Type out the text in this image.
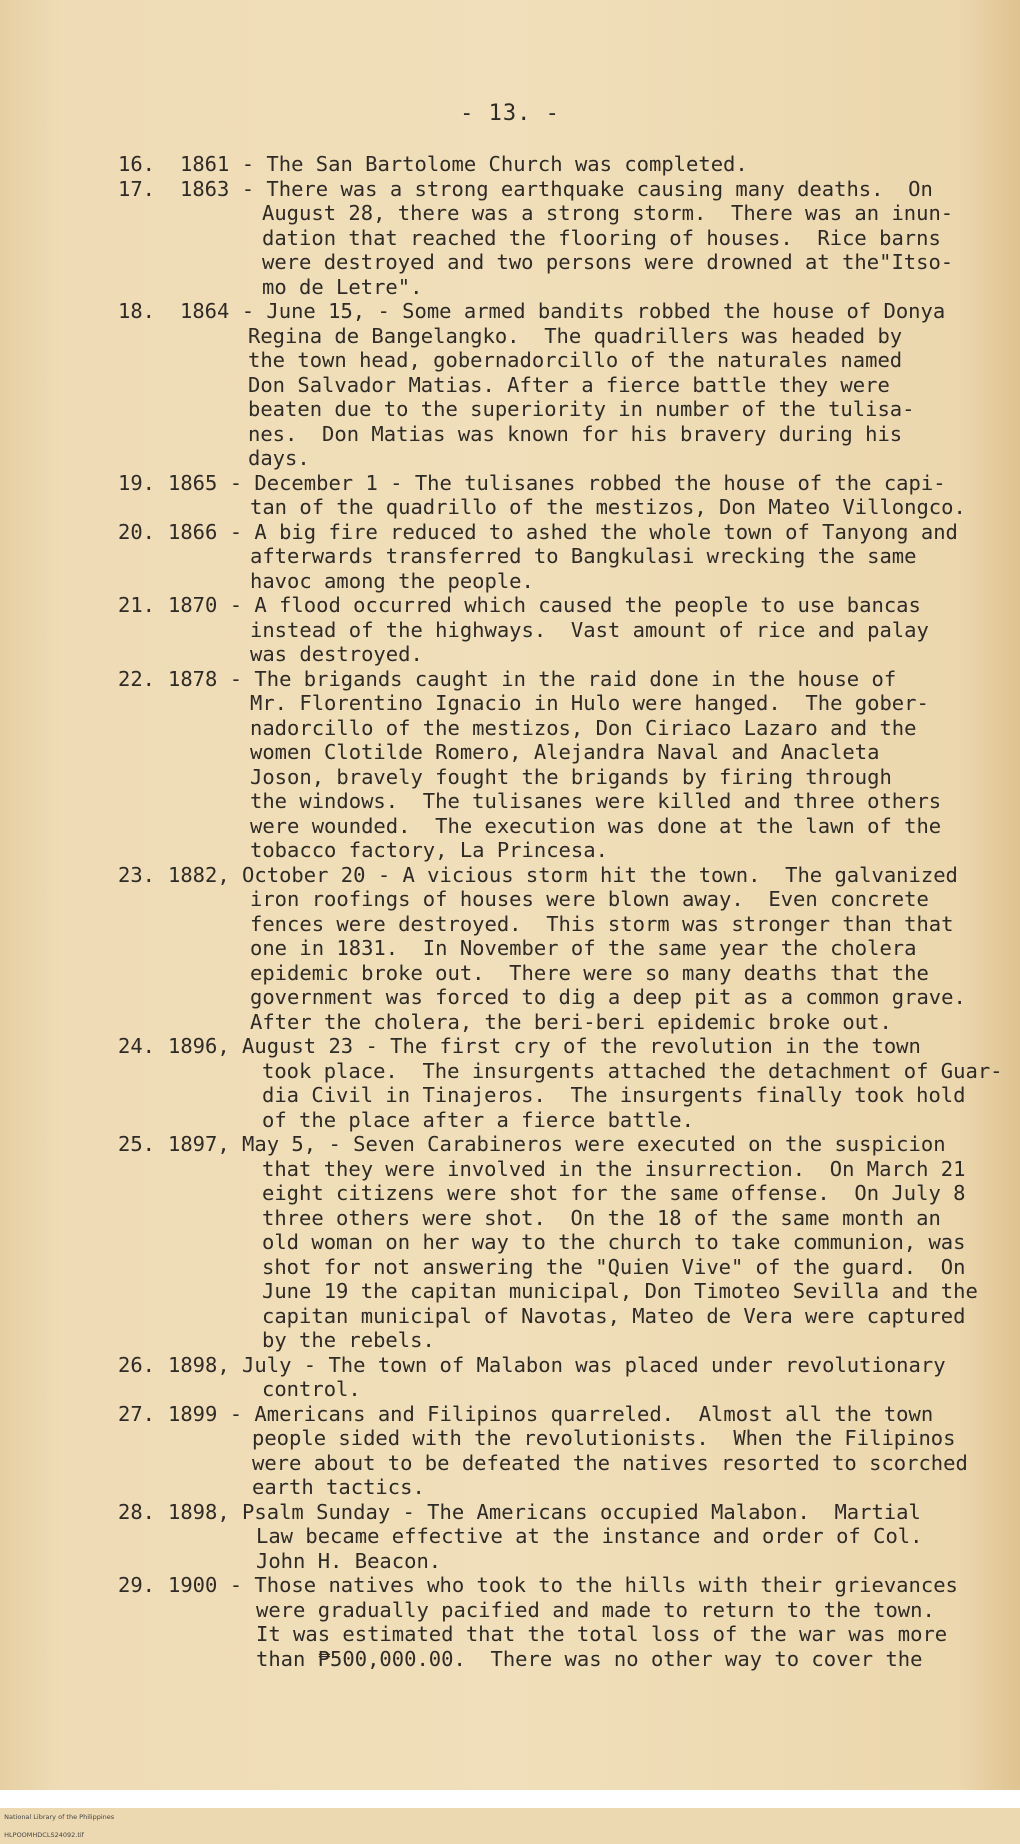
- 13. -
16.	1861 - The San Bartolome Church was completed.
17.	1863 - There was a strong earthquake causing many deaths.  On
August 28, there was a strong storm.  There was an inun-
dation that reached the flooring of houses.  Rice barns
were destroyed and two persons were drowned at the"Itso-
mo de Letre".
18.	1864 - June 15, - Some armed bandits robbed the house of Donya
Regina de Bangelangko.  The quadrillers was headed by
the town head, gobernadorcillo of the naturales named
Don Salvador Matias. After a fierce battle they were
beaten due to the superiority in number of the tulisa-
nes.  Don Matias was known for his bravery during his
days.
19. 1865 - December 1 - The tulisanes robbed the house of the capi-
tan of the quadrillo of the mestizos, Don Mateo Villongco.
20. 1866 - A big fire reduced to ashed the whole town of Tanyong and
afterwards transferred to Bangkulasi wrecking the same
havoc among the people.
21. 1870 - A flood occurred which caused the people to use bancas
instead of the highways.  Vast amount of rice and palay
was destroyed.
22. 1878 - The brigands caught in the raid done in the house of
Mr. Florentino Ignacio in Hulo were hanged.  The gober-
nadorcillo of the mestizos, Don Ciriaco Lazaro and the
women Clotilde Romero, Alejandra Naval and Anacleta
Joson, bravely fought the brigands by firing through
the windows.  The tulisanes were killed and three others
were wounded.  The execution was done at the lawn of the
tobacco factory, La Princesa.
23. 1882, October 20 - A vicious storm hit the town.  The galvanized
iron roofings of houses were blown away.  Even concrete
fences were destroyed.  This storm was stronger than that
one in 1831.  In November of the same year the cholera
epidemic broke out.  There were so many deaths that the
government was forced to dig a deep pit as a common grave.
After the cholera, the beri-beri epidemic broke out.
24. 1896, August 23 - The first cry of the revolution in the town
took place.  The insurgents attached the detachment of Guar-
dia Civil in Tinajeros.  The insurgents finally took hold
of the place after a fierce battle.
25. 1897, May 5, - Seven Carabineros were executed on the suspicion
that they were involved in the insurrection.  On March 21
eight citizens were shot for the same offense.  On July 8
three others were shot.  On the 18 of the same month an
old woman on her way to the church to take communion, was
shot for not answering the "Quien Vive" of the guard.  On
June 19 the capitan municipal, Don Timoteo Sevilla and the
capitan municipal of Navotas, Mateo de Vera were captured
by the rebels.
26. 1898, July - The town of Malabon was placed under revolutionary
control.
27. 1899 - Americans and Filipinos quarreled.  Almost all the town
people sided with the revolutionists.  When the Filipinos
were about to be defeated the natives resorted to scorched
earth tactics.
28. 1898, Psalm Sunday - The Americans occupied Malabon.  Martial
Law became effective at the instance and order of Col.
John H. Beacon.
29. 1900 - Those natives who took to the hills with their grievances
were gradually pacified and made to return to the town.
It was estimated that the total loss of the war was more
than ₱500,000.00.  There was no other way to cover the

National Library of the Philippines
HLPOOMHDCLS24092.tif
